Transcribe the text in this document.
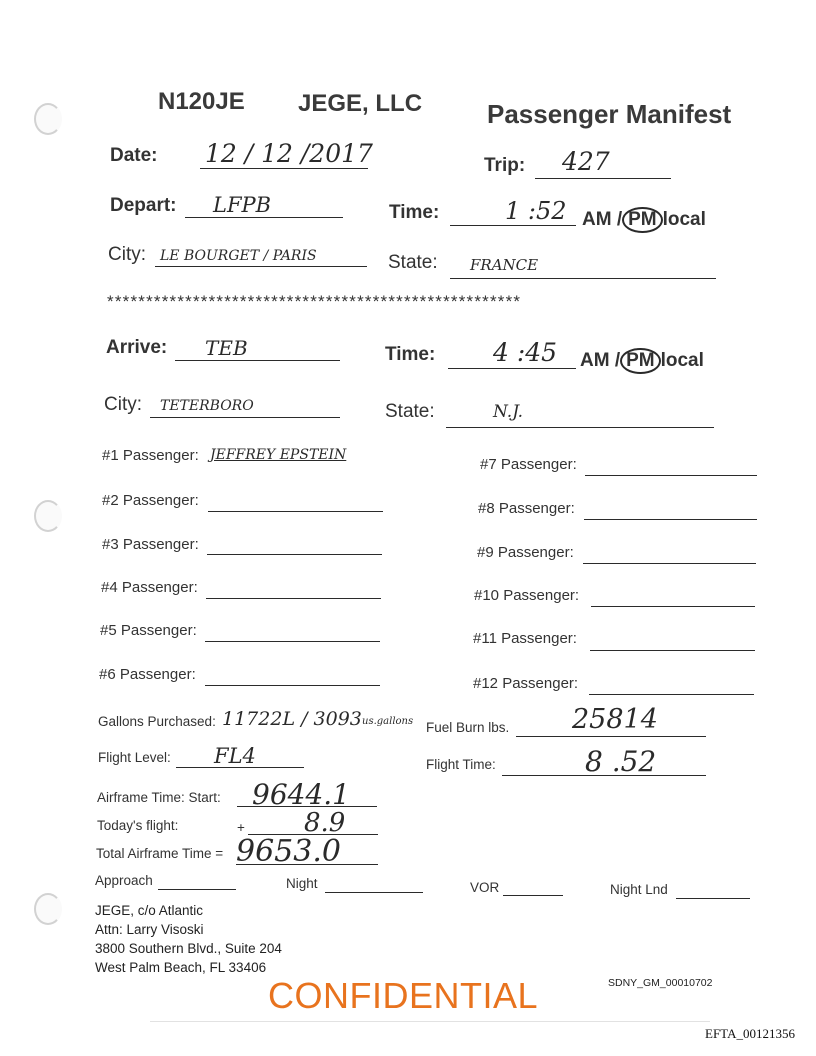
N120JE JEGE, LLC Passenger Manifest
Date: 12 / 12 /2017	Trip: 427
Depart: LFPB	Time:	1 :52 AM / PM local
City: LE BOURGET / PARIS	State: FRANCE
*****************************************************
Arrive: TEB	Time: 4 :45 AM / PM local
City: TETERBORO	State:	N.J.
#1 Passenger: JEFFREY EPSTEIN
#2 Passenger:
#3 Passenger:
#4 Passenger:
#5 Passenger:
#6 Passenger:
#7 Passenger:
#8 Passenger:
#9 Passenger:
#10 Passenger:
#11 Passenger:
#12 Passenger:
Gallons Purchased: 11722L / 3093 us.gallons Fuel Burn lbs. 25814
Flight Level: FL4	Flight Time:	8 .52
Airframe Time: Start: 9644.1
Today's flight:	+ 8.9
Total Airframe Time = 9653.0
Approach	Night	VOR	Night Lnd
JEGE, c/o Atlantic
Attn: Larry Visoski
3800 Southern Blvd., Suite 204
West Palm Beach, FL 33406
CONFIDENTIAL	SDNY_GM_00010702
EFTA_00121356
